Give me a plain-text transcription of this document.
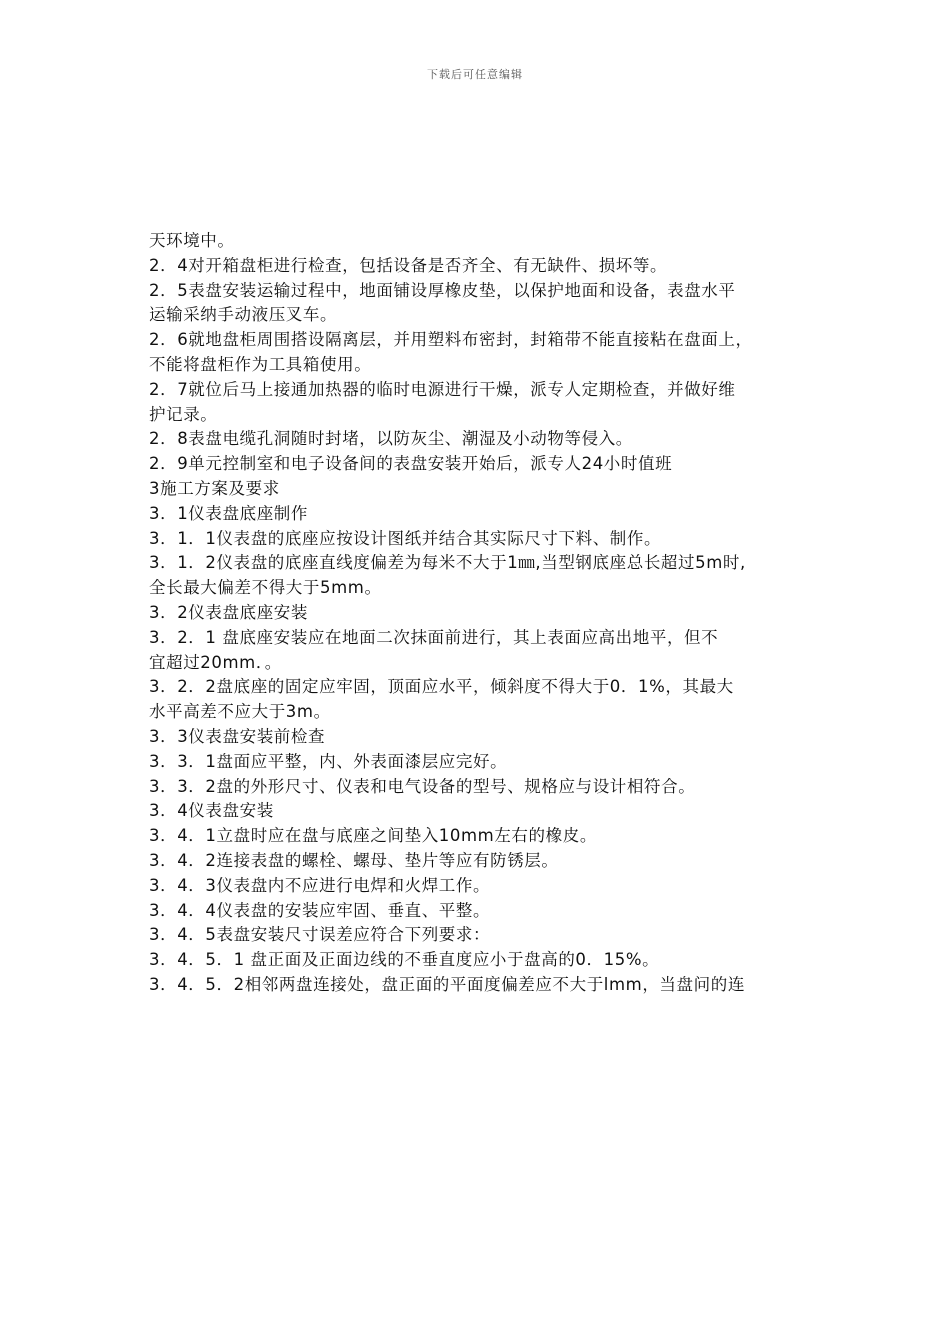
下载后可任意编辑
天环境中。
2．4对开箱盘柜进行检查，包括设备是否齐全、有无缺件、损坏等。
2．5表盘安装运输过程中，地面铺设厚橡皮垫，以保护地面和设备，表盘水平
运输采纳手动液压叉车。
2．6就地盘柜周围搭设隔离层，并用塑料布密封，封箱带不能直接粘在盘面上，
不能将盘柜作为工具箱使用。
2．7就位后马上接通加热器的临时电源进行干燥，派专人定期检查，并做好维
护记录。
2．8表盘电缆孔洞随时封堵，以防灰尘、潮湿及小动物等侵入。
2．9单元控制室和电子设备间的表盘安装开始后，派专人24小时值班
3施工方案及要求
3．1仪表盘底座制作
3．1．1仪表盘的底座应按设计图纸并结合其实际尺寸下料、制作。
3．1．2仪表盘的底座直线度偏差为每米不大于1㎜,当型钢底座总长超过5m时,
全长最大偏差不得大于5mm。
3．2仪表盘底座安装
3．2．1 盘底座安装应在地面二次抹面前进行，其上表面应高出地平，但不
宜超过20mm．。
3．2．2盘底座的固定应牢固，顶面应水平，倾斜度不得大于0．1%，其最大
水平高差不应大于3m。
3．3仪表盘安装前检查
3．3．1盘面应平整，内、外表面漆层应完好。
3．3．2盘的外形尺寸、仪表和电气设备的型号、规格应与设计相符合。
3．4仪表盘安装
3．4．1立盘时应在盘与底座之间垫入10mm左右的橡皮。
3．4．2连接表盘的螺栓、螺母、垫片等应有防锈层。
3．4．3仪表盘内不应进行电焊和火焊工作。
3．4．4仪表盘的安装应牢固、垂直、平整。
3．4．5表盘安装尺寸误差应符合下列要求：
3．4．5．1 盘正面及正面边线的不垂直度应小于盘高的0．15%。
3．4．5．2相邻两盘连接处，盘正面的平面度偏差应不大于lmm，当盘问的连
